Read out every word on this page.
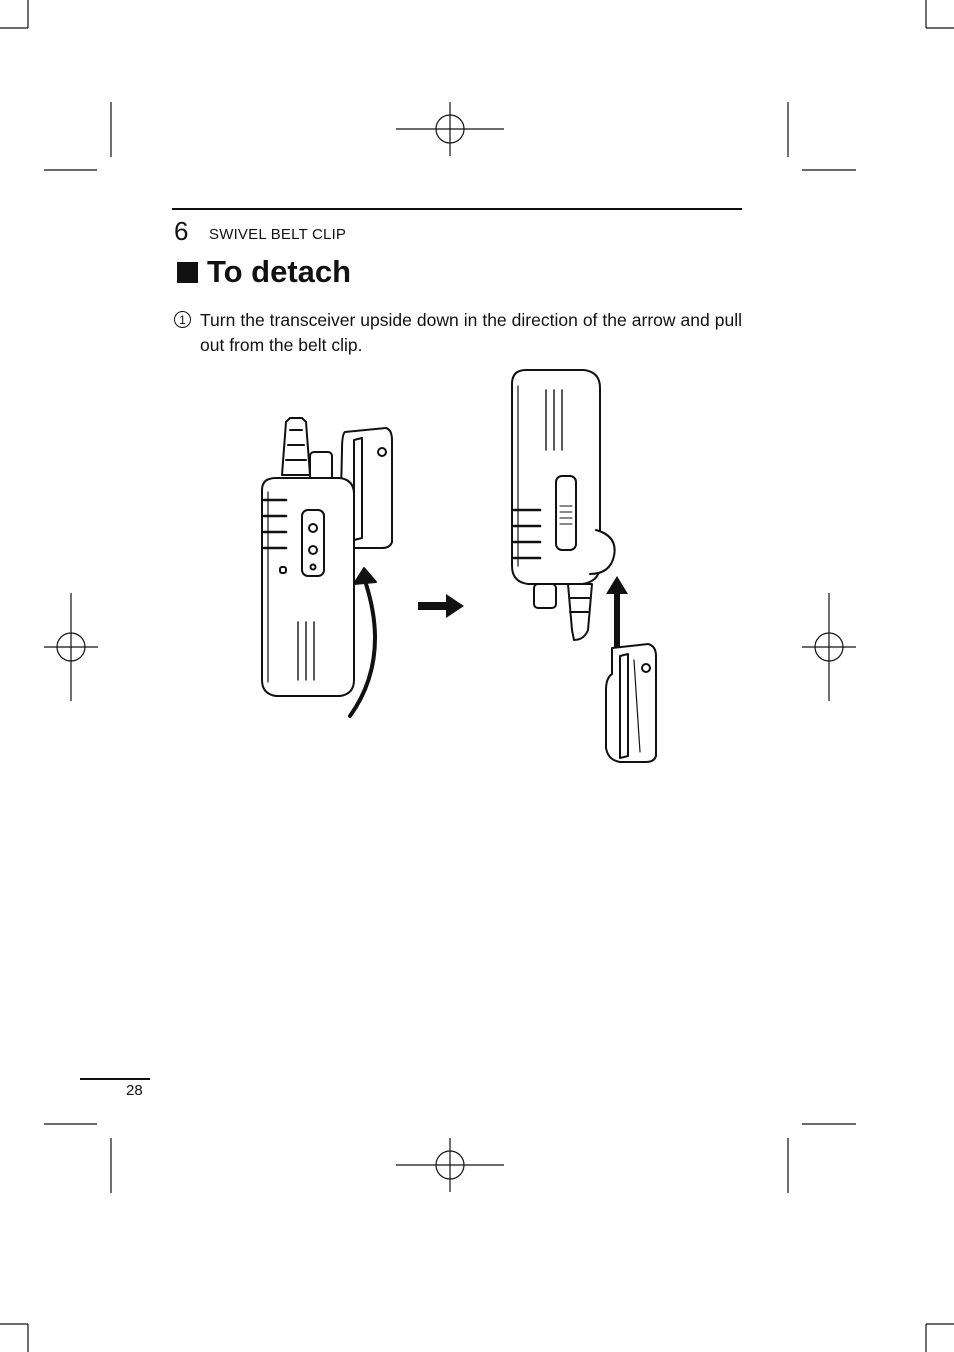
6 SWIVEL BELT CLIP
To detach
1 Turn the transceiver upside down in the direction of the arrow and pull out from the belt clip.
28
